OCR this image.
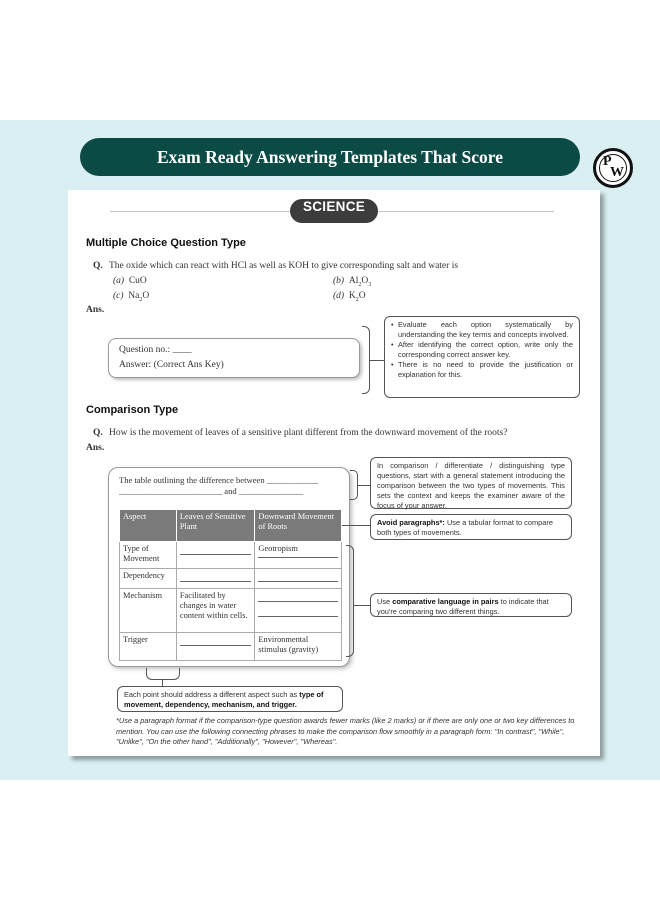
Exam Ready Answering Templates That Score	P
W
SCIENCE
Multiple Choice Question Type
Q. The oxide which can react with HCl as well as KOH to give corresponding salt and water is
(a) CuO	(b) $Al_2O_3$
(c) $Na_2O$	(d) $K_2O$
Ans.
Question no.: ____
Answer: (Correct Ans Key)
• Evaluate each option systematically by understanding the key terms and concepts involved.
• After identifying the correct option, write only the corresponding correct answer key.
• There is no need to provide the justification or explanation for this.
Comparison Type
Q. How is the movement of leaves of a sensitive plant different from the downward movement of the roots?
Ans.
The table outlining the difference between ____________
________________________ and _______________
Aspect	Leaves of Sensitive Plant	Downward Movement of Roots
Type of Movement		Geotropism

Dependency	

Mechanism	Facilitated by changes in water content within cells.	

Trigger		Environmental stimulus (gravity)
In comparison / differentiate / distinguishing type questions, start with a general statement introducing the comparison between the two types of movements. This sets the context and keeps the examiner aware of the focus of your answer.
Avoid paragraphs*: Use a tabular format to compare both types of movements.
Use comparative language in pairs to indicate that you're comparing two different things.
Each point should address a different aspect such as type of movement, dependency, mechanism, and trigger.
*Use a paragraph format if the comparison-type question awards fewer marks (like 2 marks) or if there are only one or two key differences to mention. You can use the following connecting phrases to make the comparison flow smoothly in a paragraph form: "In contrast", "While", "Unlike", "On the other hand", "Additionally", "However", "Whereas".
